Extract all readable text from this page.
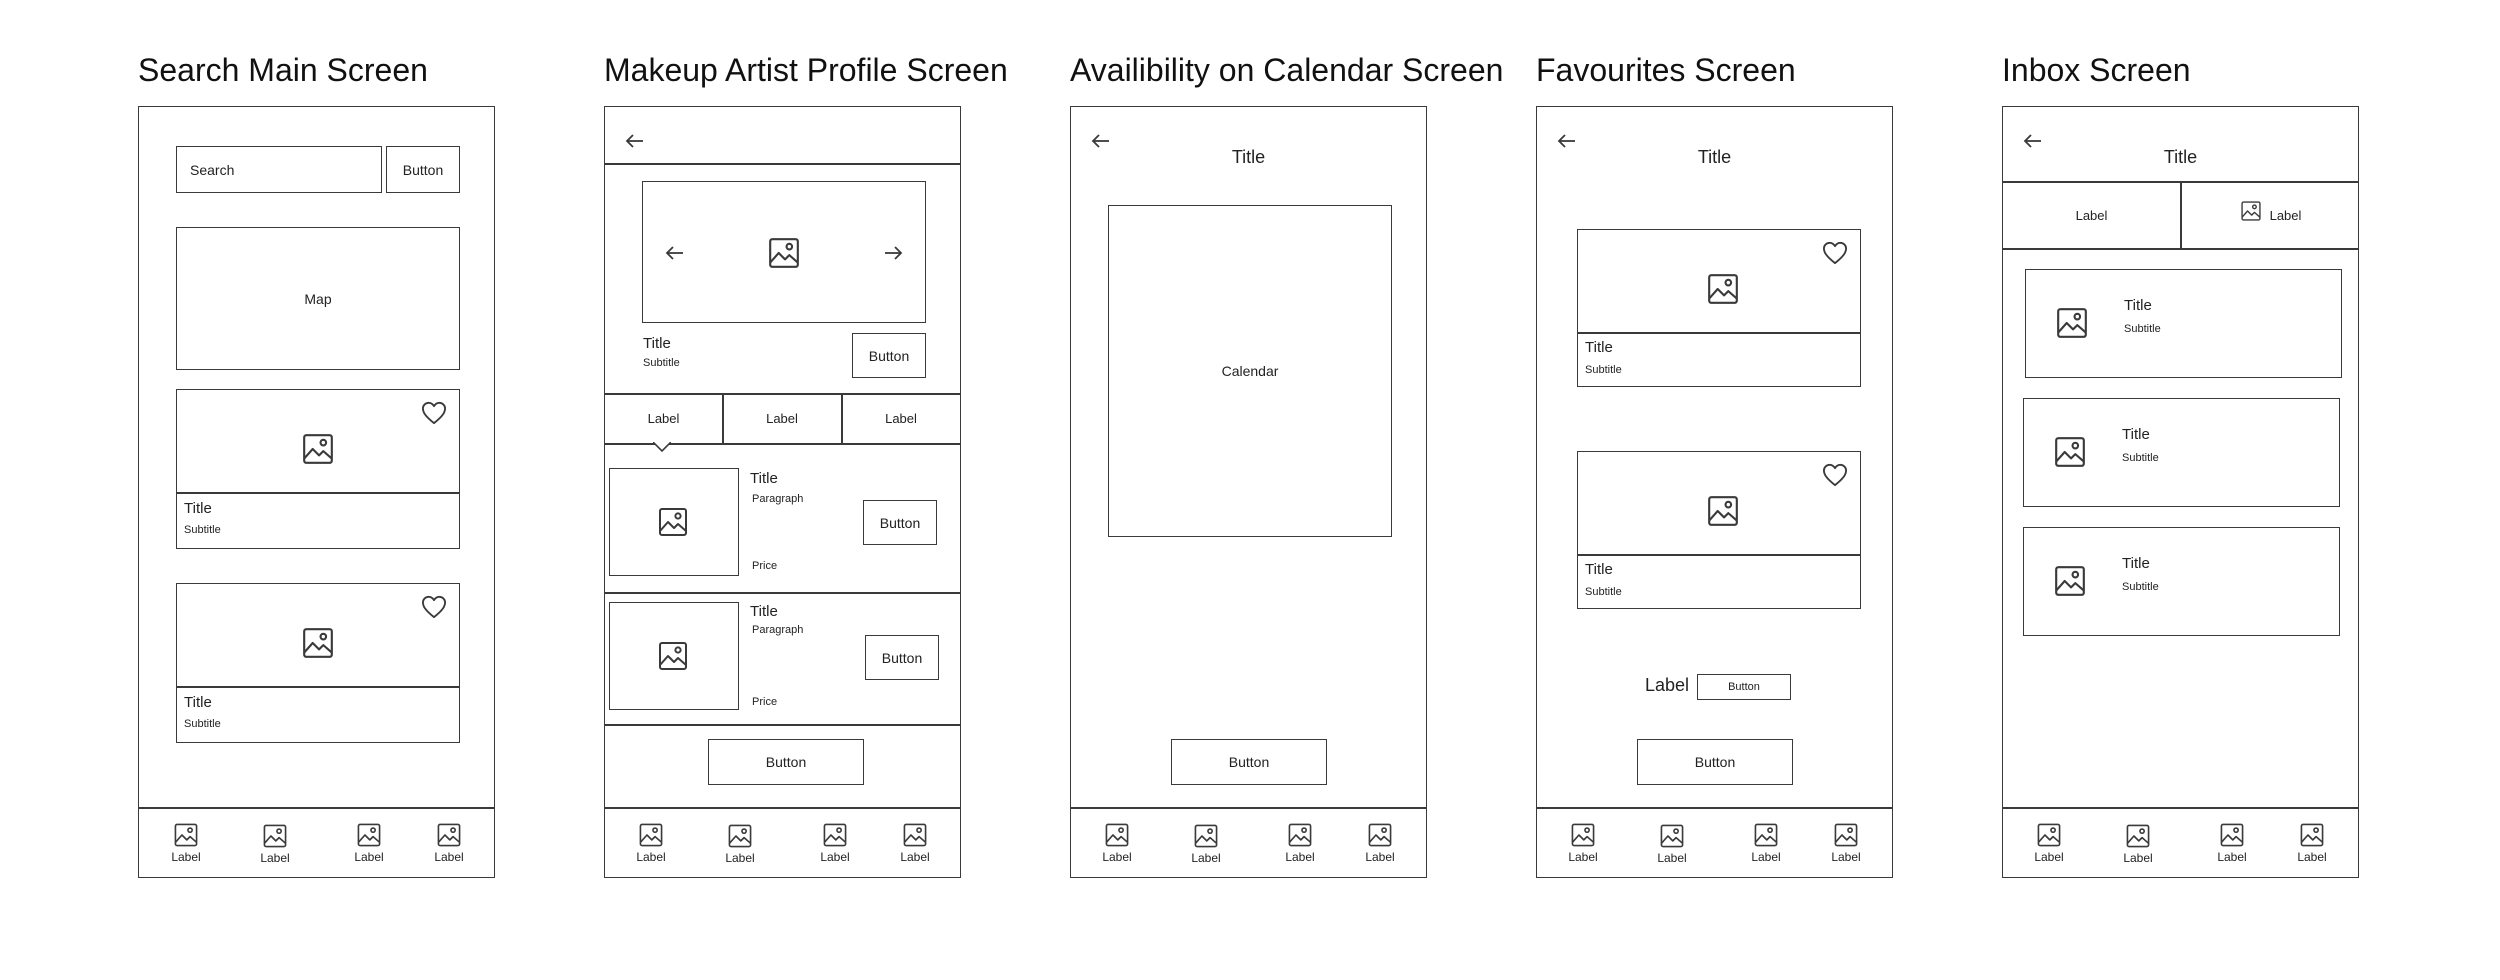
Search Main Screen
Search	Button
Map
Title
Subtitle
Title
Subtitle
Label	Label	Label	Label
Makeup Artist Profile Screen
Title
Subtitle	Button
Label	Label	Label
Title
Paragraph
Price
Button
Title
Paragraph
Price
Button
Button
Label	Label	Label	Label
Availibility on Calendar Screen
Title
Calendar
Button
Label	Label	Label	Label
Favourites Screen
Title
Title
Subtitle
Title
Subtitle
Label	Button
Button
Label	Label	Label	Label
Inbox Screen
Title
Label	Label
Title
Subtitle
Title
Subtitle
Title
Subtitle
Label	Label	Label	Label
